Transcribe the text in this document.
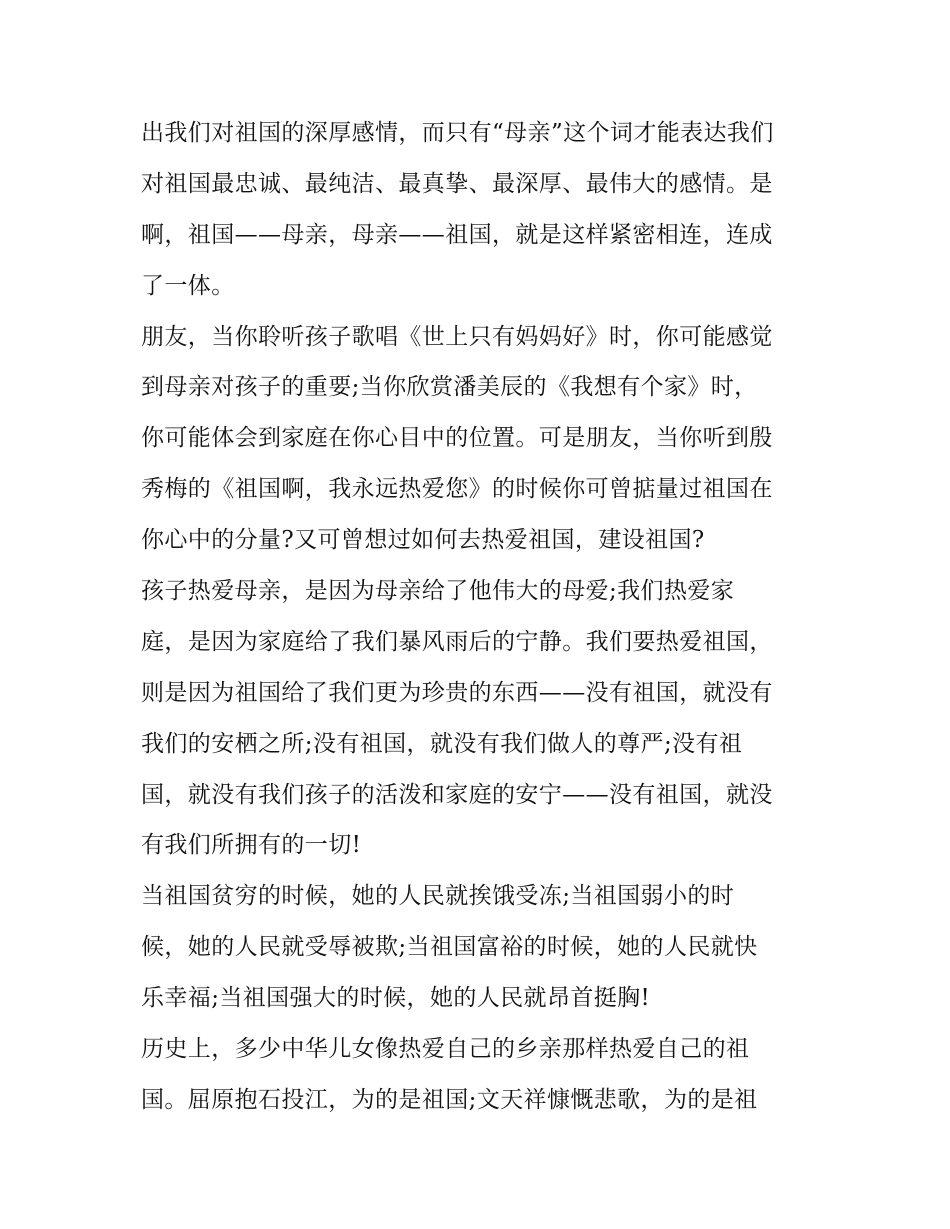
出我们对祖国的深厚感情，而只有“母亲”这个词才能表达我们
对祖国最忠诚、最纯洁、最真挚、最深厚、最伟大的感情。是
啊，祖国——母亲，母亲——祖国，就是这样紧密相连，连成
了一体。
朋友，当你聆听孩子歌唱《世上只有妈妈好》时，你可能感觉
到母亲对孩子的重要;当你欣赏潘美辰的《我想有个家》时，
你可能体会到家庭在你心目中的位置。可是朋友，当你听到殷
秀梅的《祖国啊，我永远热爱您》的时候你可曾掂量过祖国在
你心中的分量?又可曾想过如何去热爱祖国，建设祖国?
孩子热爱母亲，是因为母亲给了他伟大的母爱;我们热爱家
庭，是因为家庭给了我们暴风雨后的宁静。我们要热爱祖国，
则是因为祖国给了我们更为珍贵的东西——没有祖国，就没有
我们的安栖之所;没有祖国，就没有我们做人的尊严;没有祖
国，就没有我们孩子的活泼和家庭的安宁——没有祖国，就没
有我们所拥有的一切!
当祖国贫穷的时候，她的人民就挨饿受冻;当祖国弱小的时
候，她的人民就受辱被欺;当祖国富裕的时候，她的人民就快
乐幸福;当祖国强大的时候，她的人民就昂首挺胸!
历史上，多少中华儿女像热爱自己的乡亲那样热爱自己的祖
国。屈原抱石投江，为的是祖国;文天祥慷慨悲歌，为的是祖
